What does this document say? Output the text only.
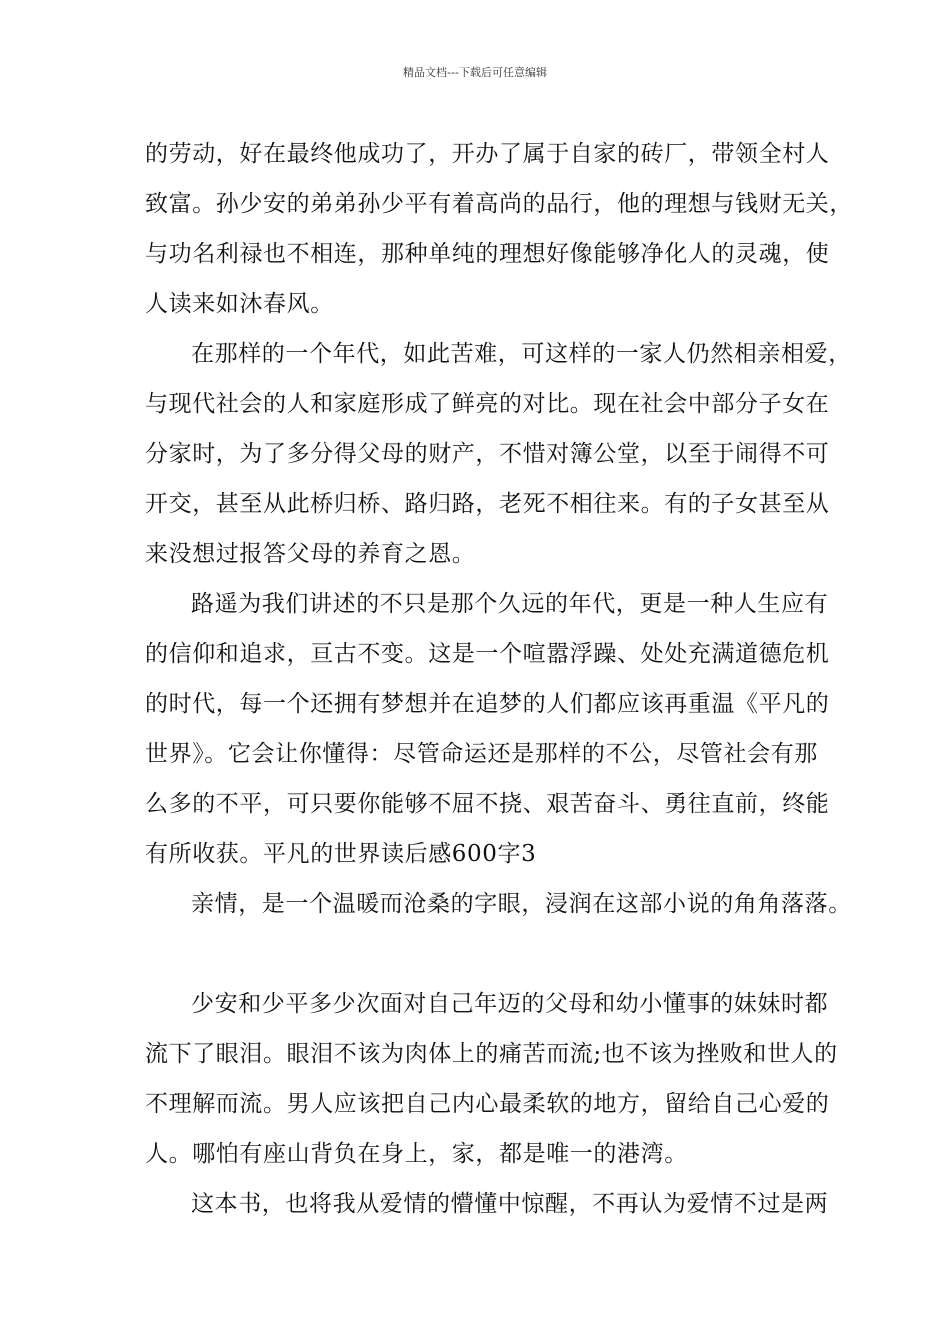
精品文档---下载后可任意编辑
的劳动，好在最终他成功了，开办了属于自家的砖厂，带领全村人
致富。孙少安的弟弟孙少平有着高尚的品行，他的理想与钱财无关，
与功名利禄也不相连，那种单纯的理想好像能够净化人的灵魂，使
人读来如沐春风。
在那样的一个年代，如此苦难，可这样的一家人仍然相亲相爱，
与现代社会的人和家庭形成了鲜亮的对比。现在社会中部分子女在
分家时，为了多分得父母的财产，不惜对簿公堂，以至于闹得不可
开交，甚至从此桥归桥、路归路，老死不相往来。有的子女甚至从
来没想过报答父母的养育之恩。
路遥为我们讲述的不只是那个久远的年代，更是一种人生应有
的信仰和追求，亘古不变。这是一个喧嚣浮躁、处处充满道德危机
的时代，每一个还拥有梦想并在追梦的人们都应该再重温《平凡的
世界》。它会让你懂得：尽管命运还是那样的不公，尽管社会有那
么多的不平，可只要你能够不屈不挠、艰苦奋斗、勇往直前，终能
有所收获。平凡的世界读后感600字3
亲情，是一个温暖而沧桑的字眼，浸润在这部小说的角角落落。
少安和少平多少次面对自己年迈的父母和幼小懂事的妹妹时都
流下了眼泪。眼泪不该为肉体上的痛苦而流;也不该为挫败和世人的
不理解而流。男人应该把自己内心最柔软的地方，留给自己心爱的
人。哪怕有座山背负在身上，家，都是唯一的港湾。
这本书，也将我从爱情的懵懂中惊醒，不再认为爱情不过是两
